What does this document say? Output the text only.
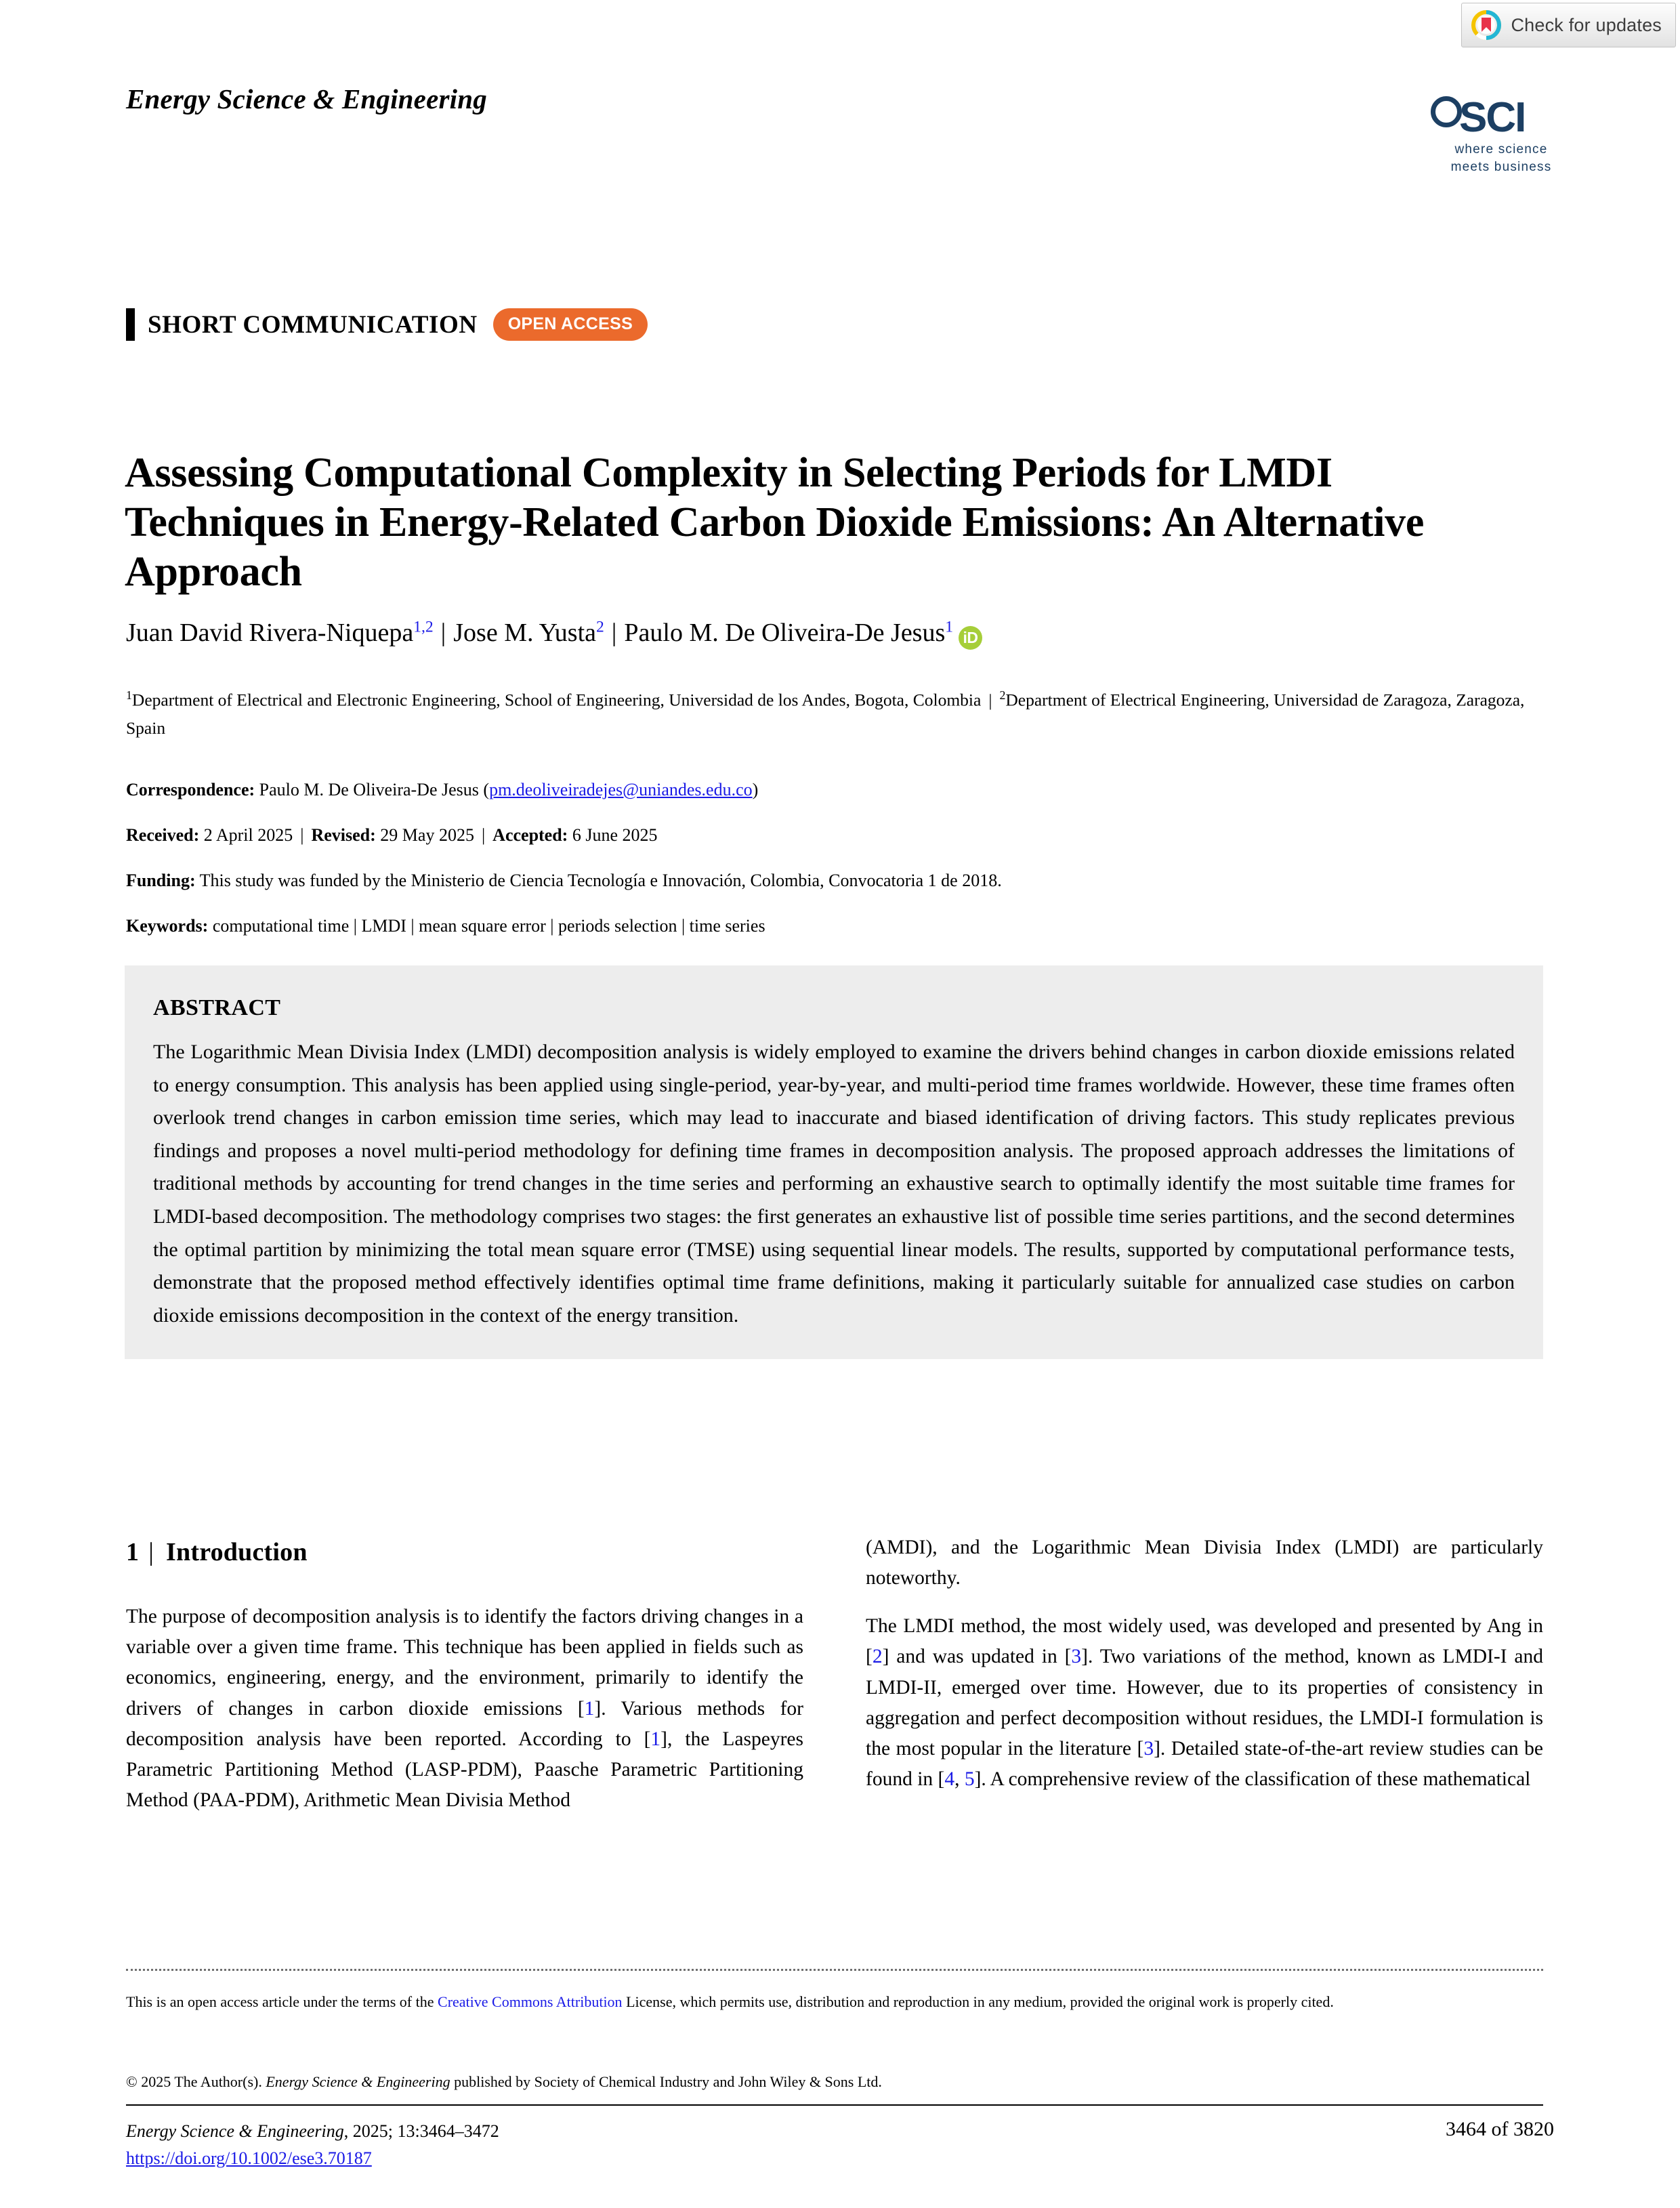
Check for updates
Energy Science & Engineering	SCI
where science
meets business
SHORT COMMUNICATION	OPEN ACCESS
Assessing Computational Complexity in Selecting Periods for LMDI Techniques in Energy-Related Carbon Dioxide Emissions: An Alternative Approach
Juan David Rivera-Niquepa$^{1,2}$ | Jose M. Yusta$^2$ | Paulo M. De Oliveira-De Jesus$^1$iD
$^1$Department of Electrical and Electronic Engineering, School of Engineering, Universidad de los Andes, Bogota, Colombia | $^2$Department of Electrical Engineering, Universidad de Zaragoza, Zaragoza, Spain
Correspondence: Paulo M. De Oliveira-De Jesus (pm.deoliveiradejes@uniandes.edu.co)
Received: 2 April 2025 | Revised: 29 May 2025 | Accepted: 6 June 2025
Funding: This study was funded by the Ministerio de Ciencia Tecnología e Innovación, Colombia, Convocatoria 1 de 2018.
Keywords: computational time | LMDI | mean square error | periods selection | time series
ABSTRACT
The Logarithmic Mean Divisia Index (LMDI) decomposition analysis is widely employed to examine the drivers behind changes in carbon dioxide emissions related to energy consumption. This analysis has been applied using single-period, year-by-year, and multi-period time frames worldwide. However, these time frames often overlook trend changes in carbon emission time series, which may lead to inaccurate and biased identification of driving factors. This study replicates previous findings and proposes a novel multi-period methodology for defining time frames in decomposition analysis. The proposed approach addresses the limitations of traditional methods by accounting for trend changes in the time series and performing an exhaustive search to optimally identify the most suitable time frames for LMDI-based decomposition. The methodology comprises two stages: the first generates an exhaustive list of possible time series partitions, and the second determines the optimal partition by minimizing the total mean square error (TMSE) using sequential linear models. The results, supported by computational performance tests, demonstrate that the proposed method effectively identifies optimal time frame definitions, making it particularly suitable for annualized case studies on carbon dioxide emissions decomposition in the context of the energy transition.
1 | Introduction

The purpose of decomposition analysis is to identify the factors driving changes in a variable over a given time frame. This technique has been applied in fields such as economics, engineering, energy, and the environment, primarily to identify the drivers of changes in carbon dioxide emissions [1]. Various methods for decomposition analysis have been reported. According to [1], the Laspeyres Parametric Partitioning Method (LASP-PDM), Paasche Parametric Partitioning Method (PAA-PDM), Arithmetic Mean Divisia Method

(AMDI), and the Logarithmic Mean Divisia Index (LMDI) are particularly noteworthy.

The LMDI method, the most widely used, was developed and presented by Ang in [2] and was updated in [3]. Two variations of the method, known as LMDI-I and LMDI-II, emerged over time. However, due to its properties of consistency in aggregation and perfect decomposition without residues, the LMDI-I formulation is the most popular in the literature [3]. Detailed state-of-the-art review studies can be found in [4, 5]. A comprehensive review of the classification of these mathematical

This is an open access article under the terms of the Creative Commons Attribution License, which permits use, distribution and reproduction in any medium, provided the original work is properly cited.
© 2025 The Author(s). Energy Science & Engineering published by Society of Chemical Industry and John Wiley & Sons Ltd.
Energy Science & Engineering, 2025; 13:3464–3472
https://doi.org/10.1002/ese3.70187
3464 of 3820
